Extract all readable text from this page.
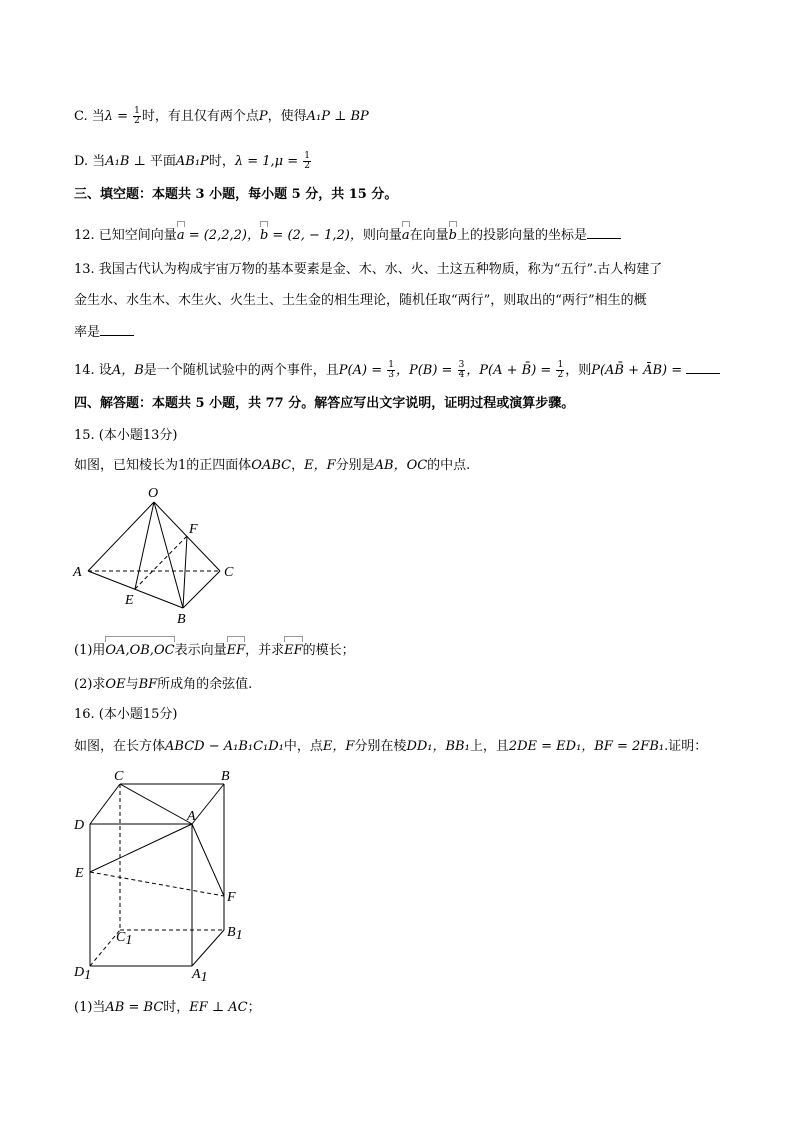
C. 当$\lambda = \frac{1}{2}$ 时，有且仅有两个点P，使得A₁P ⊥ BP
D. 当A₁B ⊥ 平面AB₁P时，$\lambda = 1,\mu = \frac{1}{2}$
三、填空题：本题共 3 小题，每小题 5 分，共 15 分。
12. 已知空间向量a = (2,2,2)，b = (2, − 1,2)，则向量a在向量b上的投影向量的坐标是
13. 我国古代认为构成宇宙万物的基本要素是金、木、水、火、土这五种物质，称为“五行”.古人构建了
金生水、水生木、木生火、火生土、土生金的相生理论，随机任取“两行”，则取出的“两行”相生的概
率是
14. 设A，B是一个随机试验中的两个事件，且$P(A) = \frac{1}{3}$ ，$P(B) = \frac{3}{4}$ ，P(A + B̄) = $\frac{1}{2}$ ，则P(AB̄ + ĀB) =
四、解答题：本题共 5 小题，共 77 分。解答应写出文字说明，证明过程或演算步骤。
15. (本小题13分)
如图，已知棱长为1的正四面体OABC，E，F分别是AB，OC的中点.
O
F
A	C
E
B
(1)用OA,OB,OC表示向量EF，并求EF的模长；
(2)求OE与BF所成角的余弦值.
16. (本小题15分)
如图，在长方体ABCD − A₁B₁C₁D₁中，点E，F分别在棱DD₁，BB₁上，且2DE = ED₁，BF = 2FB₁.证明：
C	B
D
A
E
F
C1
B1
D1	A1
(1)当AB = BC时，EF ⊥ AC；
